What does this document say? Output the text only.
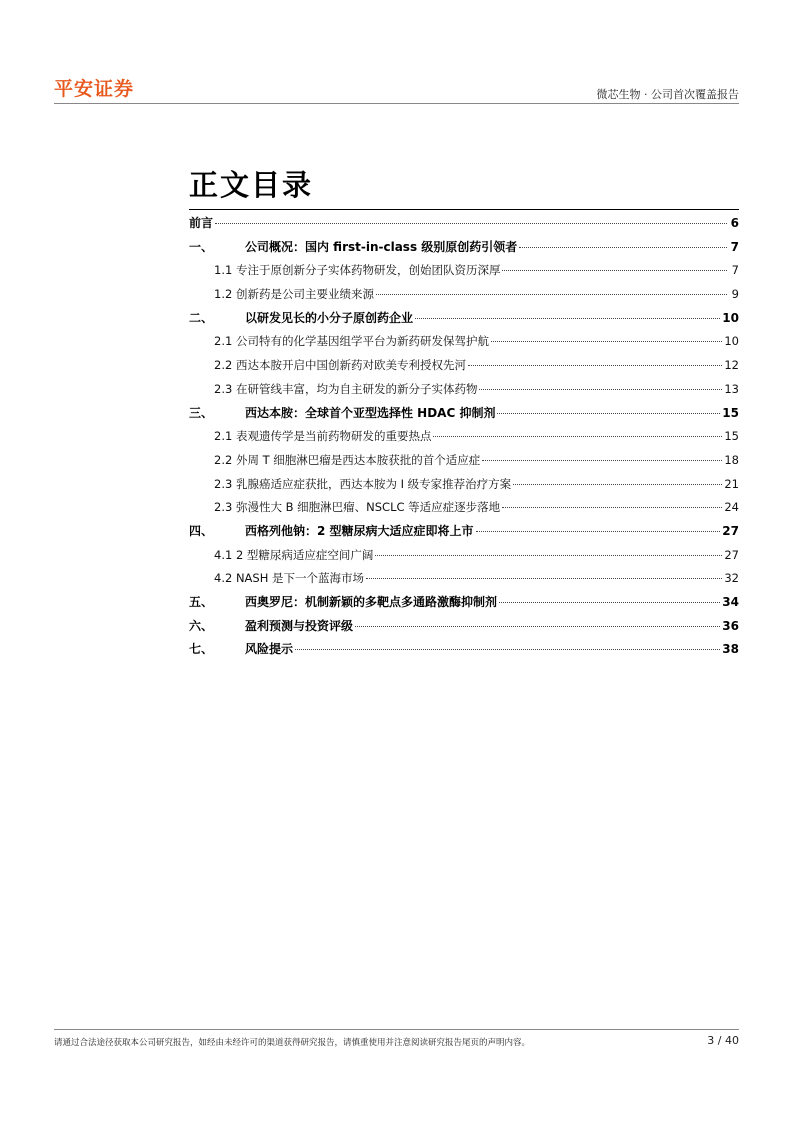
平安证券	微芯生物 · 公司首次覆盖报告
正文目录
前言	6
一、	公司概况：国内 first-in-class 级别原创药引领者	7
1.1 专注于原创新分子实体药物研发，创始团队资历深厚	7
1.2 创新药是公司主要业绩来源	9
二、	以研发见长的小分子原创药企业	10
2.1 公司特有的化学基因组学平台为新药研发保驾护航	10
2.2 西达本胺开启中国创新药对欧美专利授权先河	12
2.3 在研管线丰富，均为自主研发的新分子实体药物	13
三、	西达本胺：全球首个亚型选择性 HDAC 抑制剂	15
2.1 表观遗传学是当前药物研发的重要热点	15
2.2 外周 T 细胞淋巴瘤是西达本胺获批的首个适应症	18
2.3 乳腺癌适应症获批，西达本胺为 I 级专家推荐治疗方案	21
2.3 弥漫性大 B 细胞淋巴瘤、NSCLC 等适应症逐步落地	24
四、	西格列他钠：2 型糖尿病大适应症即将上市	27
4.1 2 型糖尿病适应症空间广阔	27
4.2 NASH 是下一个蓝海市场	32
五、	西奥罗尼：机制新颖的多靶点多通路激酶抑制剂	34
六、	盈利预测与投资评级	36
七、	风险提示	38
请通过合法途径获取本公司研究报告，如经由未经许可的渠道获得研究报告，请慎重使用并注意阅读研究报告尾页的声明内容。	3 / 40
